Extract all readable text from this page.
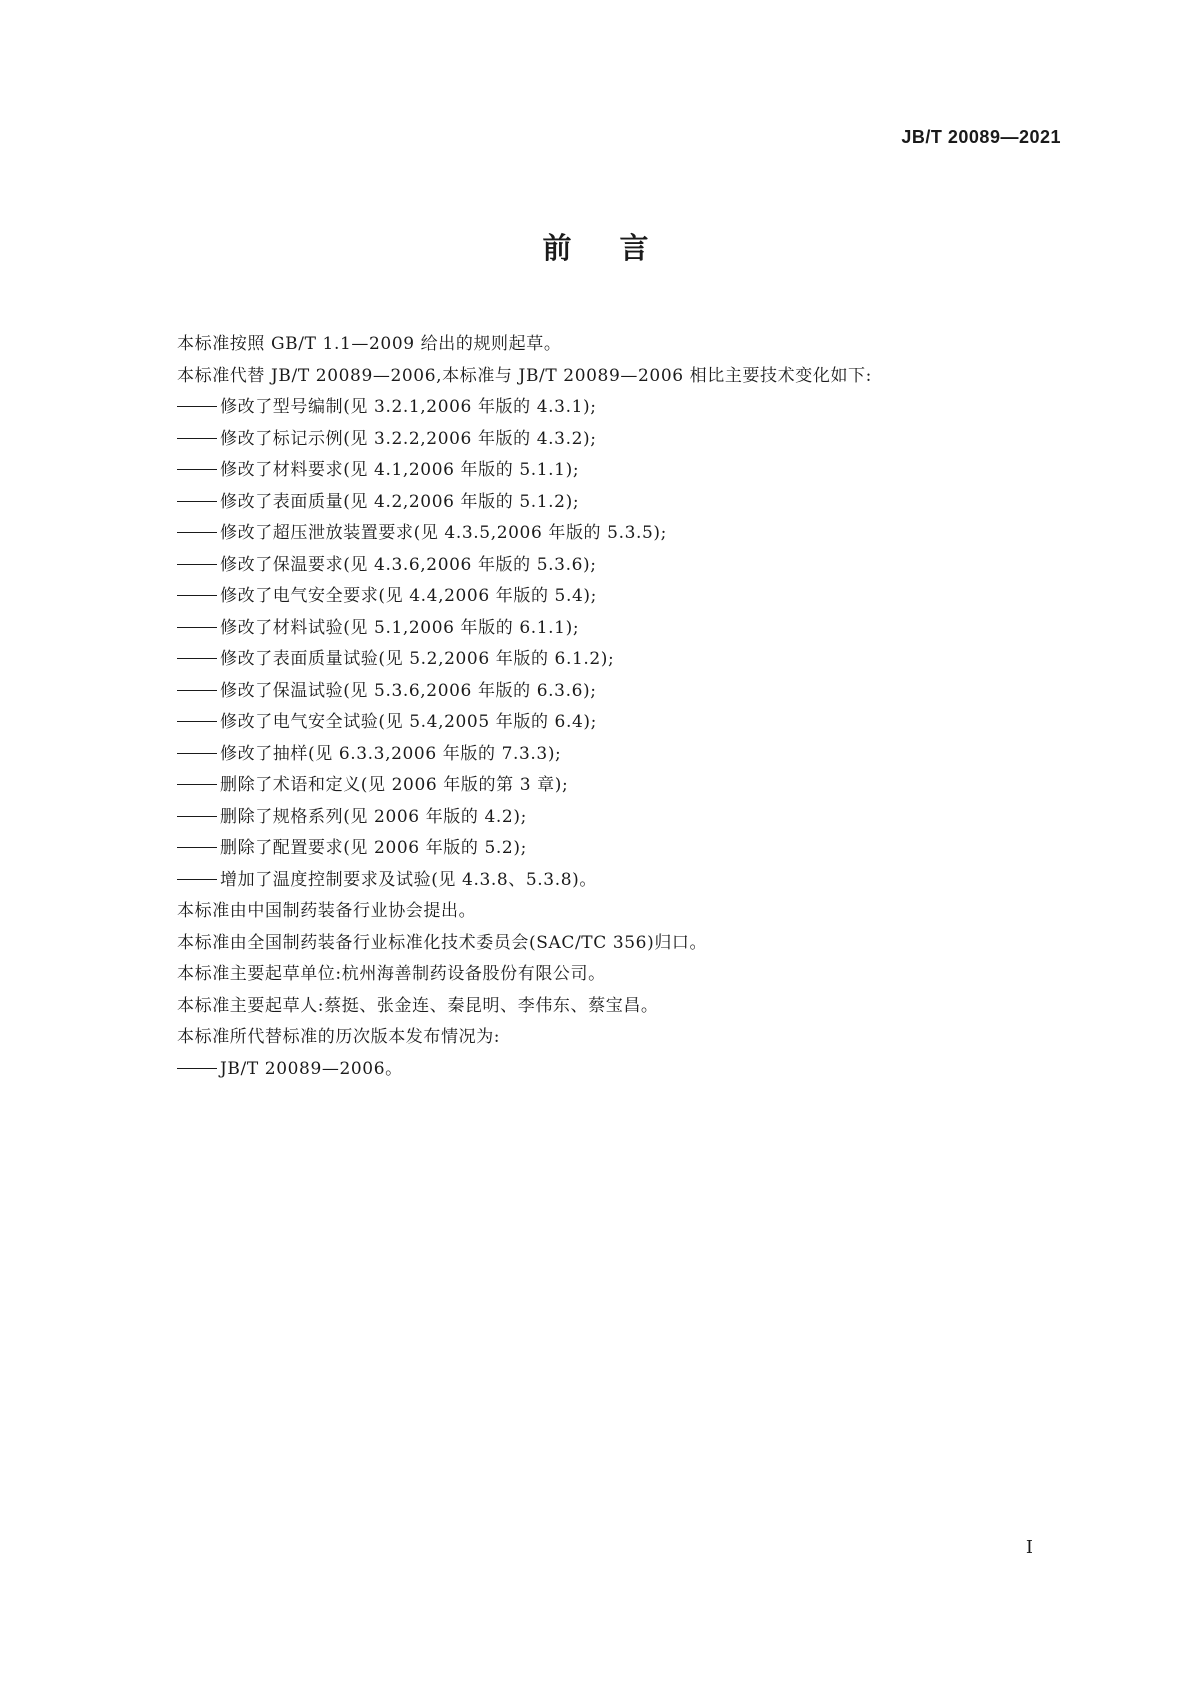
JB/T 20089—2021
前言
本标准按照 GB/T 1.1—2009 给出的规则起草。
本标准代替 JB/T 20089—2006,本标准与 JB/T 20089—2006 相比主要技术变化如下:
修改了型号编制(见 3.2.1,2006 年版的 4.3.1);
修改了标记示例(见 3.2.2,2006 年版的 4.3.2);
修改了材料要求(见 4.1,2006 年版的 5.1.1);
修改了表面质量(见 4.2,2006 年版的 5.1.2);
修改了超压泄放装置要求(见 4.3.5,2006 年版的 5.3.5);
修改了保温要求(见 4.3.6,2006 年版的 5.3.6);
修改了电气安全要求(见 4.4,2006 年版的 5.4);
修改了材料试验(见 5.1,2006 年版的 6.1.1);
修改了表面质量试验(见 5.2,2006 年版的 6.1.2);
修改了保温试验(见 5.3.6,2006 年版的 6.3.6);
修改了电气安全试验(见 5.4,2005 年版的 6.4);
修改了抽样(见 6.3.3,2006 年版的 7.3.3);
删除了术语和定义(见 2006 年版的第 3 章);
删除了规格系列(见 2006 年版的 4.2);
删除了配置要求(见 2006 年版的 5.2);
增加了温度控制要求及试验(见 4.3.8、5.3.8)。
本标准由中国制药装备行业协会提出。
本标准由全国制药装备行业标准化技术委员会(SAC/TC 356)归口。
本标准主要起草单位:杭州海善制药设备股份有限公司。
本标准主要起草人:蔡挺、张金连、秦昆明、李伟东、蔡宝昌。
本标准所代替标准的历次版本发布情况为:
JB/T 20089—2006。
I
